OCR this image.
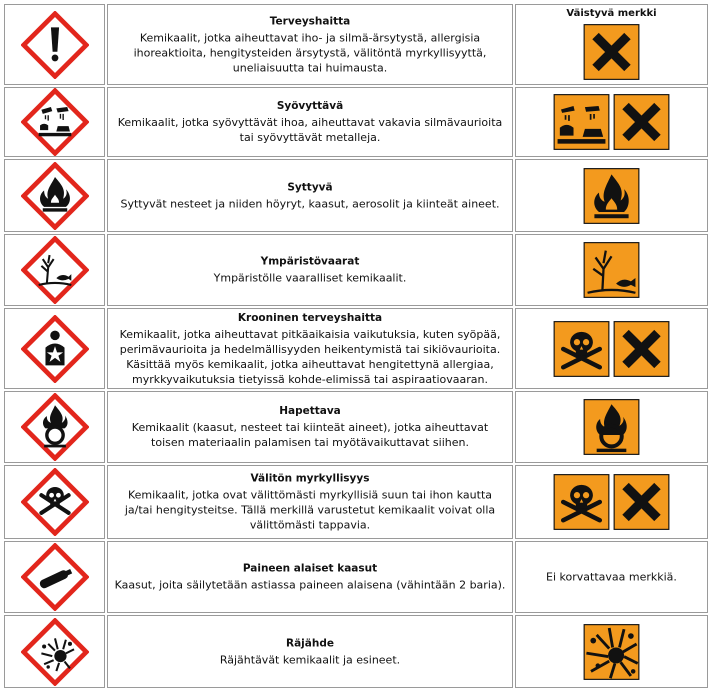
Terveyshaitta
Kemikaalit, jotka aiheuttavat iho- ja silmä-ärsytystä, allergisia ihoreaktioita, hengitysteiden ärsytystä, välitöntä myrkyllisyyttä, uneliaisuutta tai huimausta.
Väistyvä merkki
Syövyttävä
Kemikaalit, jotka syövyttävät ihoa, aiheuttavat vakavia silmävaurioita tai syövyttävät metalleja.
Syttyvä
Syttyvät nesteet ja niiden höyryt, kaasut, aerosolit ja kiinteät aineet.
Ympäristövaarat
Ympäristölle vaaralliset kemikaalit.
Krooninen terveyshaitta
Kemikaalit, jotka aiheuttavat pitkäaikaisia vaikutuksia, kuten syöpää, perimävaurioita ja hedelmällisyyden heikentymistä tai sikiövaurioita. Käsittää myös kemikaalit, jotka aiheuttavat hengitettynä allergiaa, myrkkyvaikutuksia tietyissä kohde-elimissä tai aspiraatiovaaran.
Hapettava
Kemikaalit (kaasut, nesteet tai kiinteät aineet), jotka aiheuttavat toisen materiaalin palamisen tai myötävaikuttavat siihen.
Välitön myrkyllisyys
Kemikaalit, jotka ovat välittömästi myrkyllisiä suun tai ihon kautta ja/tai hengitysteitse. Tällä merkillä varustetut kemikaalit voivat olla välittömästi tappavia.
Paineen alaiset kaasut
Kaasut, joita säilytetään astiassa paineen alaisena (vähintään 2 baria).
Ei korvattavaa merkkiä.
Räjähde
Räjähtävät kemikaalit ja esineet.
